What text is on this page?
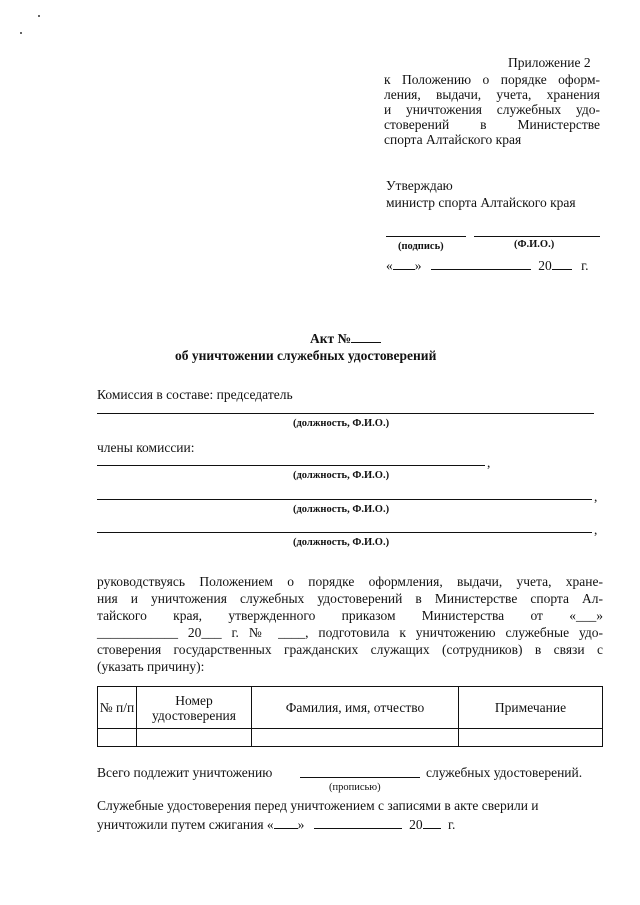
Приложение 2
к Положению о порядке оформ-
ления, выдачи, учета, хранения
и уничтожения служебных удо-
стоверений в Министерстве
спорта Алтайского края
Утверждаю
министр спорта Алтайского края
(подпись)	(Ф.И.О.)
« »	20 г.
Акт №
об уничтожении служебных удостоверений
Комиссия в составе: председатель
(должность, Ф.И.О.)
члены комиссии:
,
(должность, Ф.И.О.)
,
(должность, Ф.И.О.)
,
(должность, Ф.И.О.)
руководствуясь Положением о порядке оформления, выдачи, учета, хране-
ния и уничтожения служебных удостоверений в Министерстве спорта Ал-
тайского края, утвержденного приказом Министерства от «___»
____________ 20___ г. № ____, подготовила к уничтожению служебные удо-
стоверения государственных гражданских служащих (сотрудников) в связи с
(указать причину):
№ п/п	Номер удостоверения	Фамилия, имя, отчество	Примечание

Всего подлежит уничтожению	служебных удостоверений.
(прописью)
Служебные удостоверения перед уничтожением с записями в акте сверили и
уничтожили путем сжигания « »	20 г.
